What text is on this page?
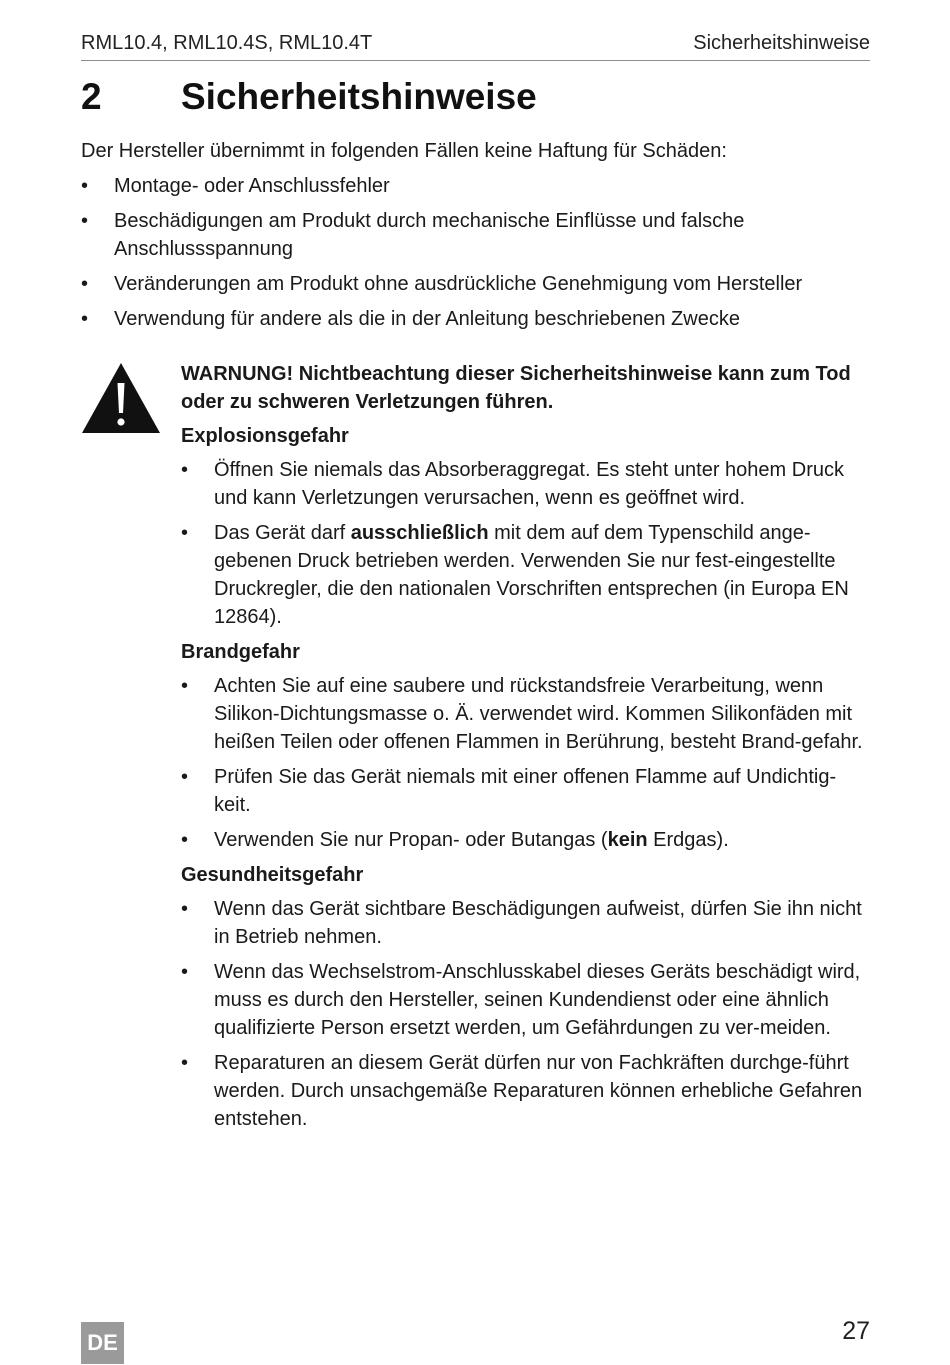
RML10.4, RML10.4S, RML10.4T	Sicherheitshinweise
2 Sicherheitshinweise
Der Hersteller übernimmt in folgenden Fällen keine Haftung für Schäden:
•	Montage- oder Anschlussfehler
•	Beschädigungen am Produkt durch mechanische Einflüsse und falsche Anschlussspannung
•	Veränderungen am Produkt ohne ausdrückliche Genehmigung vom Hersteller
•	Verwendung für andere als die in der Anleitung beschriebenen Zwecke
WARNUNG! Nichtbeachtung dieser Sicherheitshinweise kann zum Tod oder zu schweren Verletzungen führen.
Explosionsgefahr
•	Öffnen Sie niemals das Absorberaggregat. Es steht unter hohem Druck und kann Verletzungen verursachen, wenn es geöffnet wird.
•	Das Gerät darf ausschließlich mit dem auf dem Typenschild ange-gebenen Druck betrieben werden. Verwenden Sie nur fest-eingestellte Druckregler, die den nationalen Vorschriften entsprechen (in Europa EN 12864).
Brandgefahr
•	Achten Sie auf eine saubere und rückstandsfreie Verarbeitung, wenn Silikon-Dichtungsmasse o. Ä. verwendet wird. Kommen Silikonfäden mit heißen Teilen oder offenen Flammen in Berührung, besteht Brand-gefahr.
•	Prüfen Sie das Gerät niemals mit einer offenen Flamme auf Undichtig-keit.
•	Verwenden Sie nur Propan- oder Butangas (kein Erdgas).
Gesundheitsgefahr
•	Wenn das Gerät sichtbare Beschädigungen aufweist, dürfen Sie ihn nicht in Betrieb nehmen.
•	Wenn das Wechselstrom-Anschlusskabel dieses Geräts beschädigt wird, muss es durch den Hersteller, seinen Kundendienst oder eine ähnlich qualifizierte Person ersetzt werden, um Gefährdungen zu ver-meiden.
•	Reparaturen an diesem Gerät dürfen nur von Fachkräften durchge-führt werden. Durch unsachgemäße Reparaturen können erhebliche Gefahren entstehen.
DE	27
